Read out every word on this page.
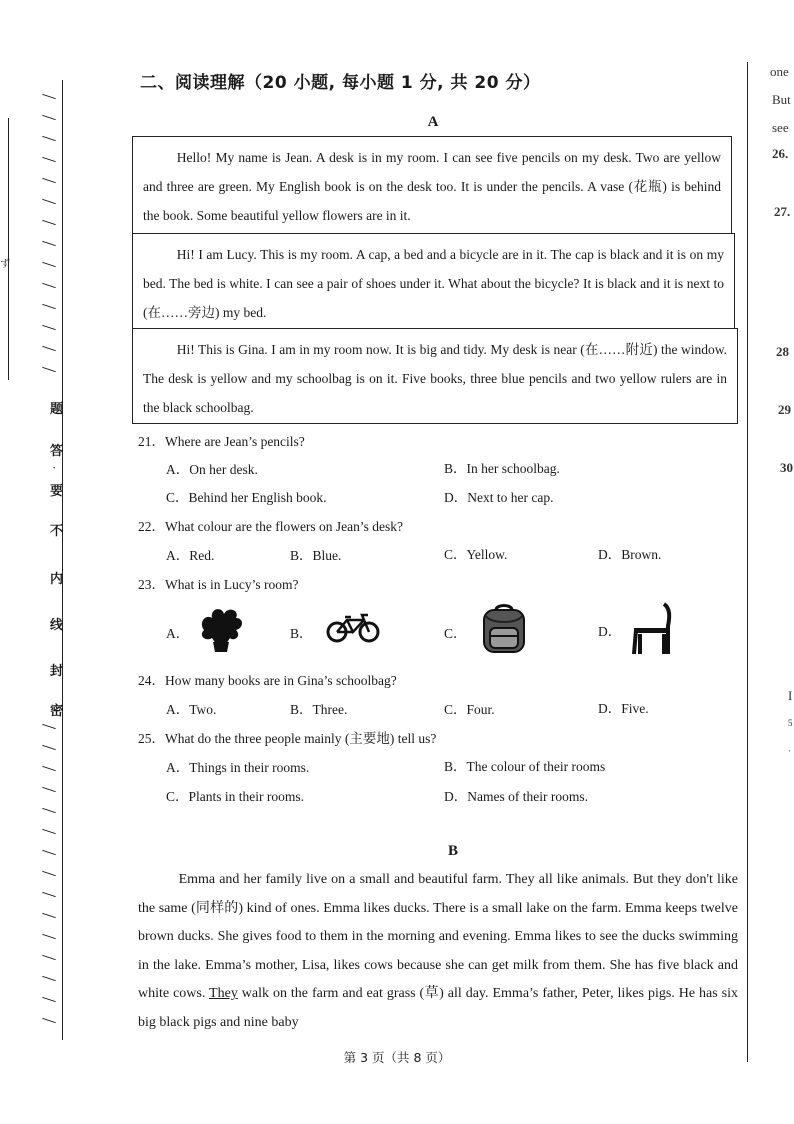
ず
题
答
·
要
不
内
线
封
密
one
But
see
26.
27.
28
29
30
I
5
·
二、阅读理解（20 小题, 每小题 1 分, 共 20 分）
A
Hello! My name is Jean. A desk is in my room. I can see five pencils on my desk. Two are yellow and three are green. My English book is on the desk too. It is under the pencils. A vase (花瓶) is behind the book. Some beautiful yellow flowers are in it.
Hi! I am Lucy. This is my room. A cap, a bed and a bicycle are in it. The cap is black and it is on my bed. The bed is white. I can see a pair of shoes under it. What about the bicycle? It is black and it is next to (在……旁边) my bed.
Hi! This is Gina. I am in my room now. It is big and tidy. My desk is near (在……附近) the window. The desk is yellow and my schoolbag is on it. Five books, three blue pencils and two yellow rulers are in the black schoolbag.
21．Where are Jean’s pencils?
A．On her desk.	B．In her schoolbag.
C．Behind her English book.	D．Next to her cap.
22．What colour are the flowers on Jean’s desk?
A．Red.	B．Blue.	C．Yellow.	D．Brown.
23．What is in Lucy’s room?
A．	B．	C．	D．
24．How many books are in Gina’s schoolbag?
A．Two.	B．Three.	C．Four.	D．Five.
25．What do the three people mainly (主要地) tell us?
A．Things in their rooms.	B．The colour of their rooms
C．Plants in their rooms.	D．Names of their rooms.
B
Emma and her family live on a small and beautiful farm. They all like animals. But they don't like the same (同样的) kind of ones. Emma likes ducks. There is a small lake on the farm. Emma keeps twelve brown ducks. She gives food to them in the morning and evening. Emma likes to see the ducks swimming in the lake. Emma’s mother, Lisa, likes cows because she can get milk from them. She has five black and white cows. They walk on the farm and eat grass (草) all day. Emma’s father, Peter, likes pigs. He has six big black pigs and nine baby
第 3 页（共 8 页）
